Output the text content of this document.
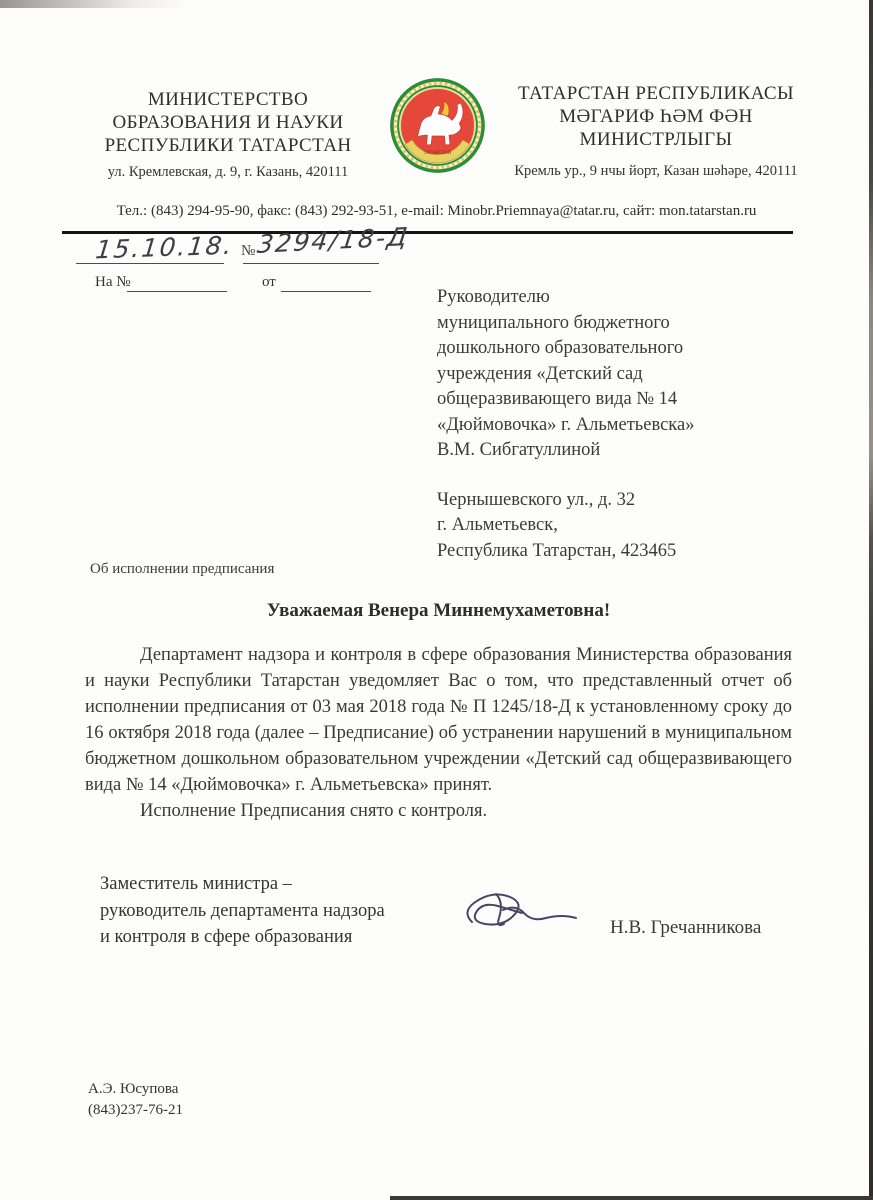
МИНИСТЕРСТВО
ОБРАЗОВАНИЯ И НАУКИ
РЕСПУБЛИКИ ТАТАРСТАН
ул. Кремлевская, д. 9, г. Казань, 420111
ТАТАРСТАН
ТАТАРСТАН РЕСПУБЛИКАСЫ
МӘГАРИФ ҺӘМ ФӘН
МИНИСТРЛЫГЫ
Кремль ур., 9 нчы йорт, Казан шәһәре, 420111
Тел.: (843) 294-95-90, факс: (843) 292-93-51, e-mail: Minobr.Priemnaya@tatar.ru, сайт: mon.tatarstan.ru
15.10.18. № 3294/18-Д
На №	от
Руководителю
муниципального бюджетного
дошкольного образовательного
учреждения «Детский сад
общеразвивающего вида № 14
«Дюймовочка» г. Альметьевска»
В.М. Сибгатуллиной
Чернышевского ул., д. 32
г. Альметьевск,
Республика Татарстан, 423465
Об исполнении предписания
Уважаемая Венера Миннемухаметовна!

Департамент надзора и контроля в сфере образования Министерства образования и науки Республики Татарстан уведомляет Вас о том, что представленный отчет об исполнении предписания от 03 мая 2018 года № П 1245/18-Д к установленному сроку до 16 октября 2018 года (далее – Предписание) об устранении нарушений в муниципальном бюджетном дошкольном образовательном учреждении «Детский сад общеразвивающего вида № 14 «Дюймовочка» г. Альметьевска» принят.

Исполнение Предписания снято с контроля.

Заместитель министра –
руководитель департамента надзора
и контроля в сфере образования	Н.В. Гречанникова
А.Э. Юсупова
(843)237-76-21
